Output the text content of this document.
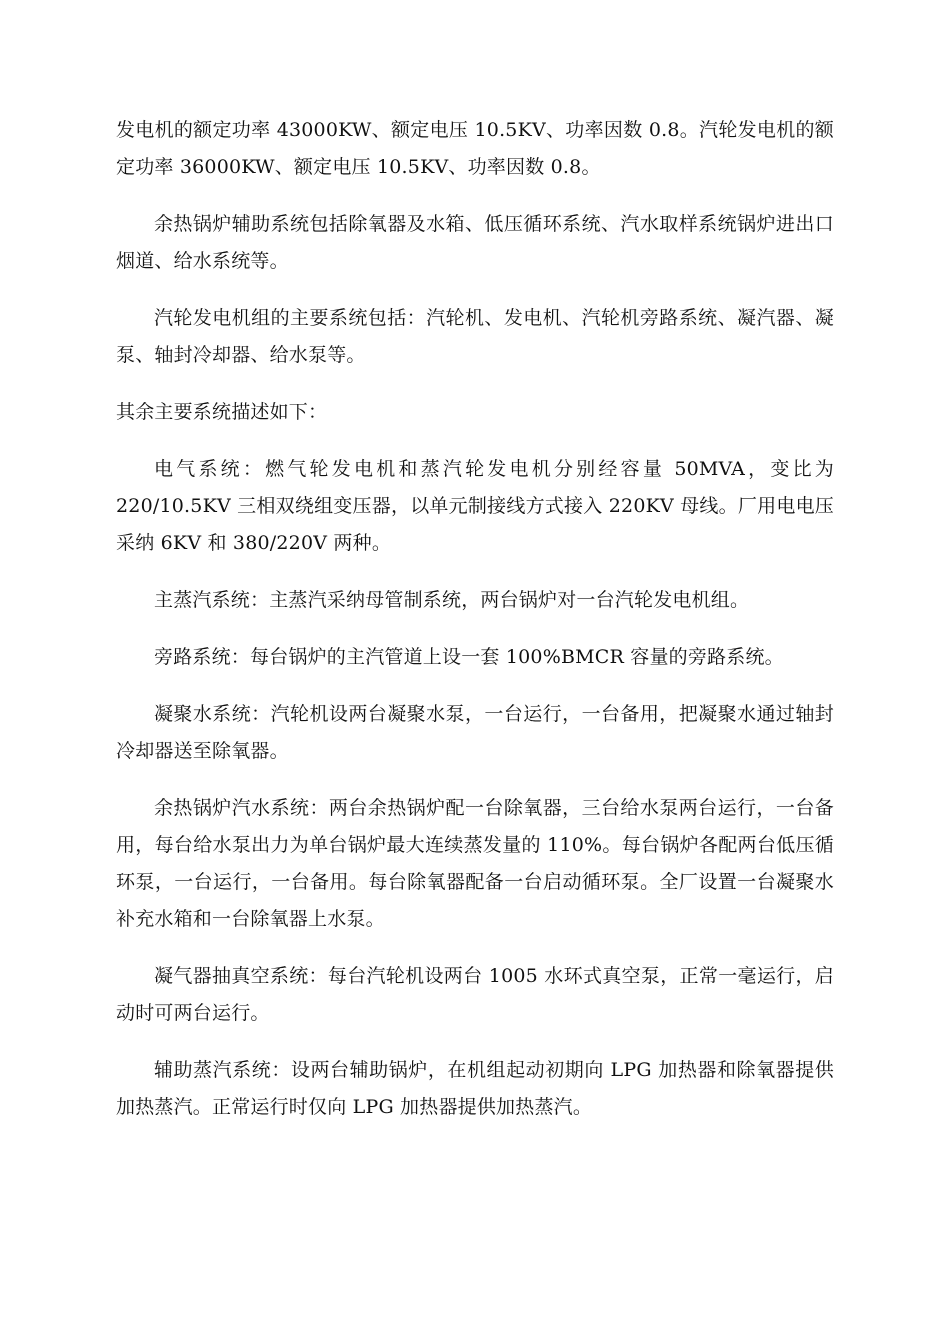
发电机的额定功率 43000KW、额定电压 10.5KV、功率因数 0.8。汽轮发电机的额定功率 36000KW、额定电压 10.5KV、功率因数 0.8。

余热锅炉辅助系统包括除氧器及水箱、低压循环系统、汽水取样系统锅炉进出口烟道、给水系统等。

汽轮发电机组的主要系统包括：汽轮机、发电机、汽轮机旁路系统、凝汽器、凝泵、轴封冷却器、给水泵等。

其余主要系统描述如下：

电气系统：燃气轮发电机和蒸汽轮发电机分别经容量 50MVA，变比为 220/10.5KV 三相双绕组变压器，以单元制接线方式接入 220KV 母线。厂用电电压采纳 6KV 和 380/220V 两种。

主蒸汽系统：主蒸汽采纳母管制系统，两台锅炉对一台汽轮发电机组。

旁路系统：每台锅炉的主汽管道上设一套 100%BMCR 容量的旁路系统。

凝聚水系统：汽轮机设两台凝聚水泵，一台运行，一台备用，把凝聚水通过轴封冷却器送至除氧器。

余热锅炉汽水系统：两台余热锅炉配一台除氧器，三台给水泵两台运行，一台备用，每台给水泵出力为单台锅炉最大连续蒸发量的 110%。每台锅炉各配两台低压循环泵，一台运行，一台备用。每台除氧器配备一台启动循环泵。全厂设置一台凝聚水补充水箱和一台除氧器上水泵。

凝气器抽真空系统：每台汽轮机设两台 1005 水环式真空泵，正常一毫运行，启动时可两台运行。

辅助蒸汽系统：设两台辅助锅炉，在机组起动初期向 LPG 加热器和除氧器提供加热蒸汽。正常运行时仅向 LPG 加热器提供加热蒸汽。
